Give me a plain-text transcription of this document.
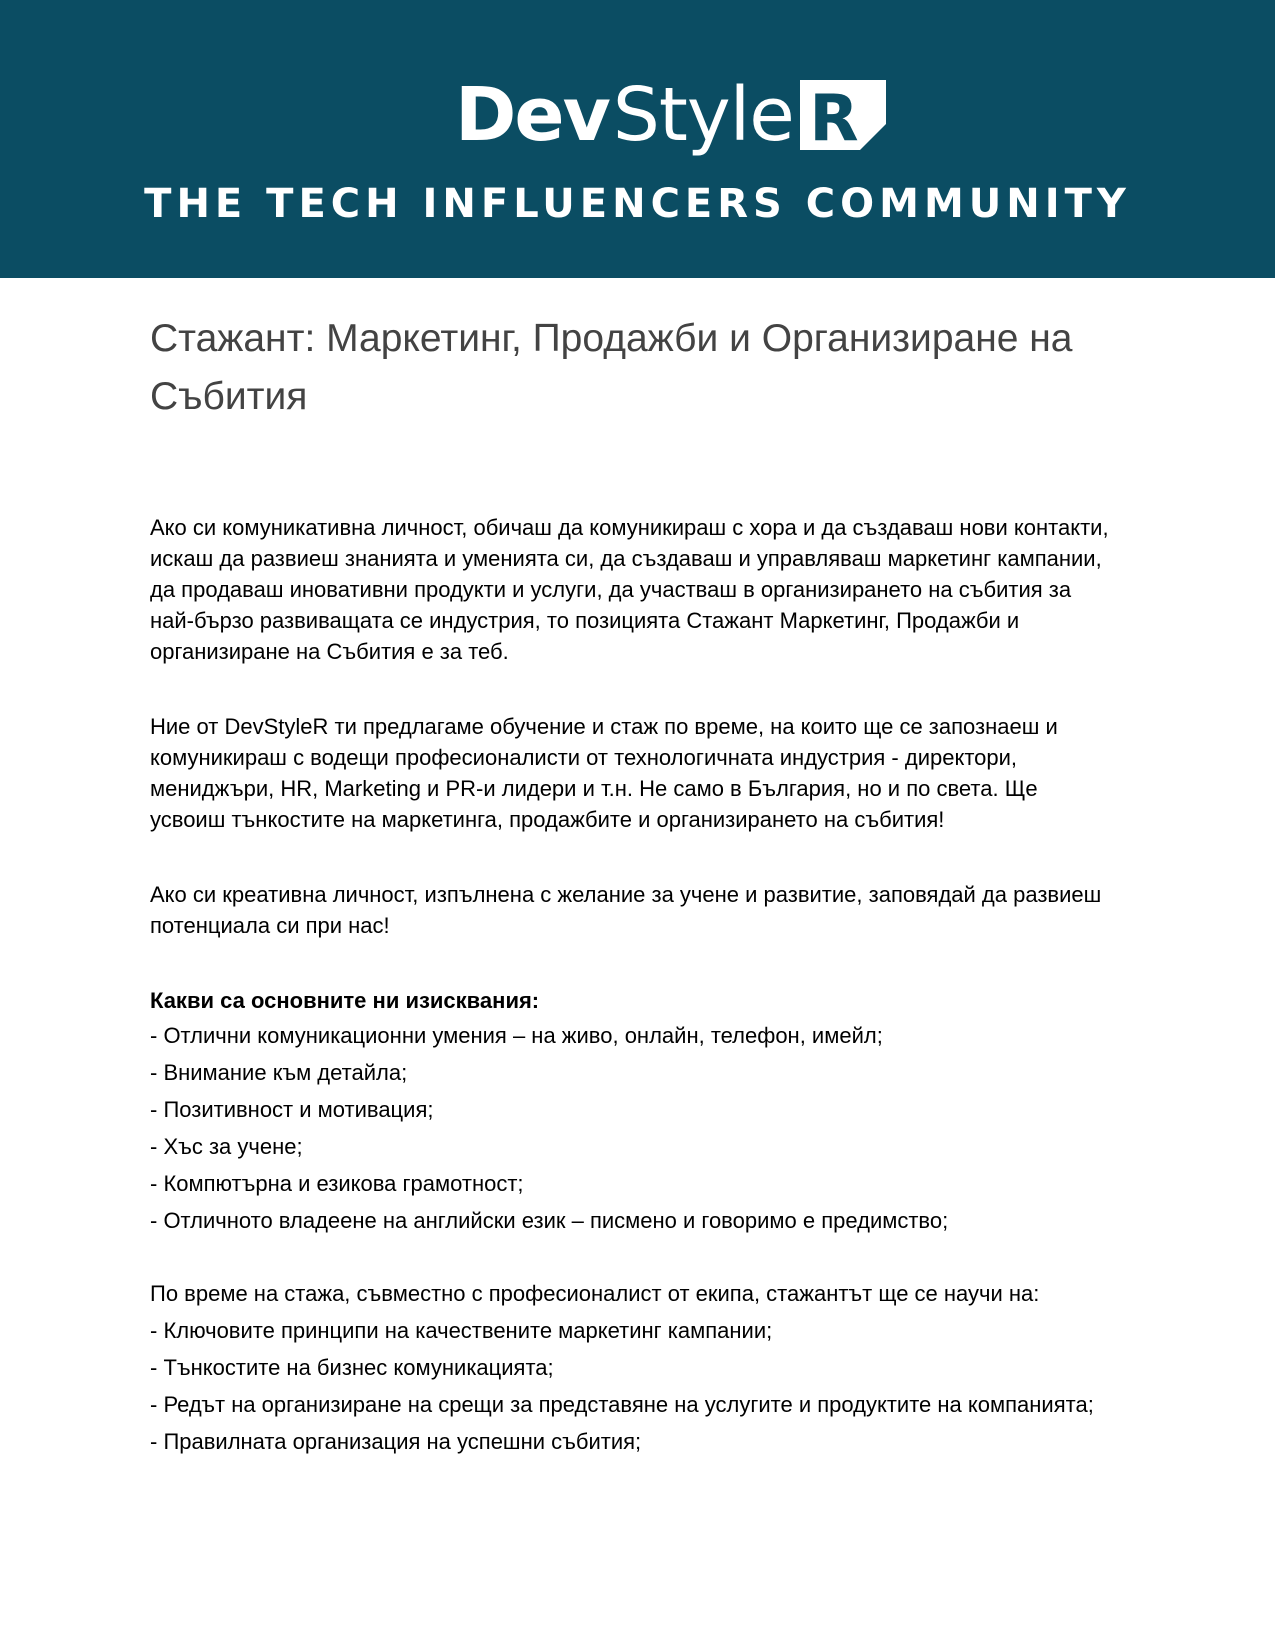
Dev Style R
THE TECH INFLUENCERS COMMUNITY
Стажант: Маркетинг, Продажби и Организиране на Събития

Ако си комуникативна личност, обичаш да комуникираш с хора и да създаваш нови контакти, искаш да развиеш знанията и уменията си, да създаваш и управляваш маркетинг кампании, да продаваш иновативни продукти и услуги, да участваш в организирането на събития за най-бързо развиващата се индустрия, то позицията Стажант Маркетинг, Продажби и организиране на Събития е за теб.

Ние от DevStyleR ти предлагаме обучение и стаж по време, на които ще се запознаеш и комуникираш с водещи професионалисти от технологичната индустрия - директори, мениджъри, HR, Marketing и PR-и лидери и т.н. Не само в България, но и по света. Ще усвоиш тънкостите на маркетинга, продажбите и организирането на събития!

Ако си креативна личност, изпълнена с желание за учене и развитие, заповядай да развиеш потенциала си при нас!

Какви са основните ни изисквания:
- Отлични комуникационни умения – на живо, онлайн, телефон, имейл;
- Внимание към детайла;
- Позитивност и мотивация;
- Хъс за учене;
- Компютърна и езикова грамотност;
- Отличното владеене на английски език – писмено и говоримо е предимство;
По време на стажа, съвместно с професионалист от екипа, стажантът ще се научи на:
- Ключовите принципи на качествените маркетинг кампании;
- Тънкостите на бизнес комуникацията;
- Редът на организиране на срещи за представяне на услугите и продуктите на компанията;
- Правилната организация на успешни събития;
